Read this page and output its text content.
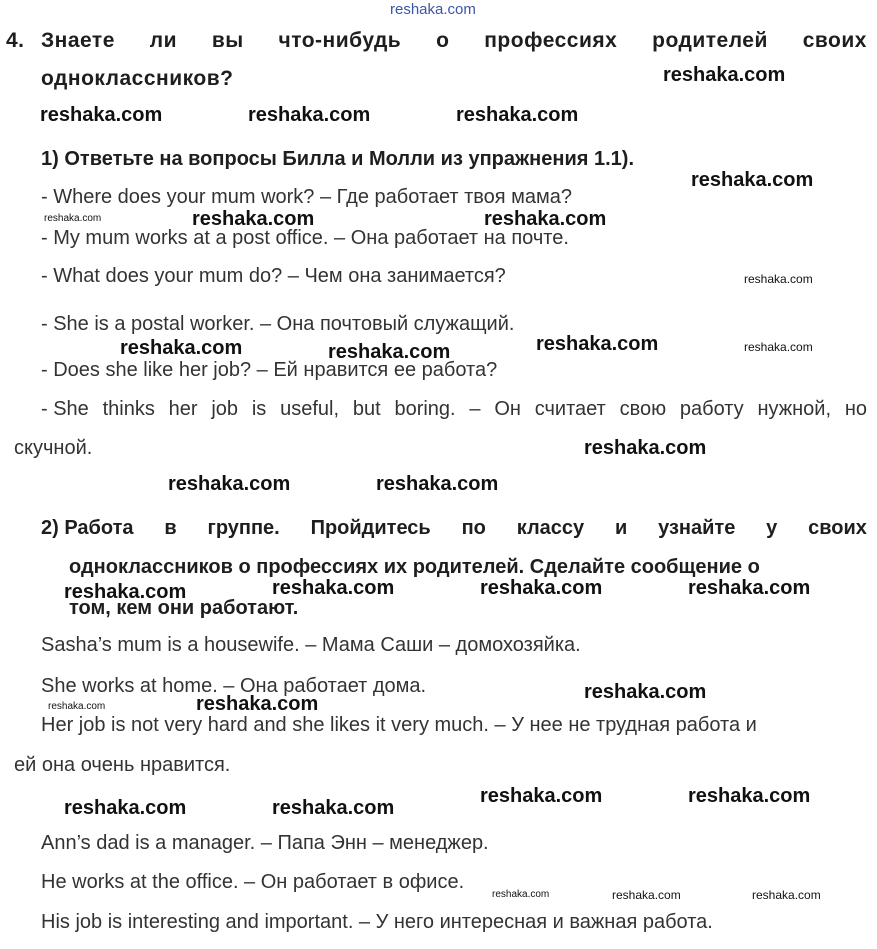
reshaka.com
4. Знаете ли вы что-нибудь о профессиях родителей своих
одноклассников?
1) Ответьте на вопросы Билла и Молли из упражнения 1.1).
- Where does your mum work? – Где работает твоя мама?
- My mum works at a post office. – Она работает на почте.
- What does your mum do? – Чем она занимается?
- She is a postal worker. – Она почтовый служащий.
- Does she like her job? – Ей нравится ее работа?
- She thinks her job is useful, but boring. – Он считает свою работу нужной, но
скучной.
2) Работа в группе. Пройдитесь по классу и узнайте у своих
одноклассников о профессиях их родителей. Сделайте сообщение о
том, кем они работают.
Sasha’s mum is a housewife. – Мама Саши – домохозяйка.
She works at home. – Она работает дома.
Her job is not very hard and she likes it very much. – У нее не трудная работа и
ей она очень нравится.
Ann’s dad is a manager. – Папа Энн – менеджер.
He works at the office. – Он работает в офисе.
His job is interesting and important. – У него интересная и важная работа.
reshaka.com
reshaka.com	reshaka.com	reshaka.com
reshaka.com
reshaka.com	reshaka.com
reshaka.com	reshaka.com	reshaka.com
reshaka.com
reshaka.com	reshaka.com
reshaka.com	reshaka.com	reshaka.com	reshaka.com
reshaka.com
reshaka.com
reshaka.com	reshaka.com
reshaka.com	reshaka.com
reshaka.com
reshaka.com
reshaka.com
reshaka.com
reshaka.com	reshaka.com	reshaka.com
